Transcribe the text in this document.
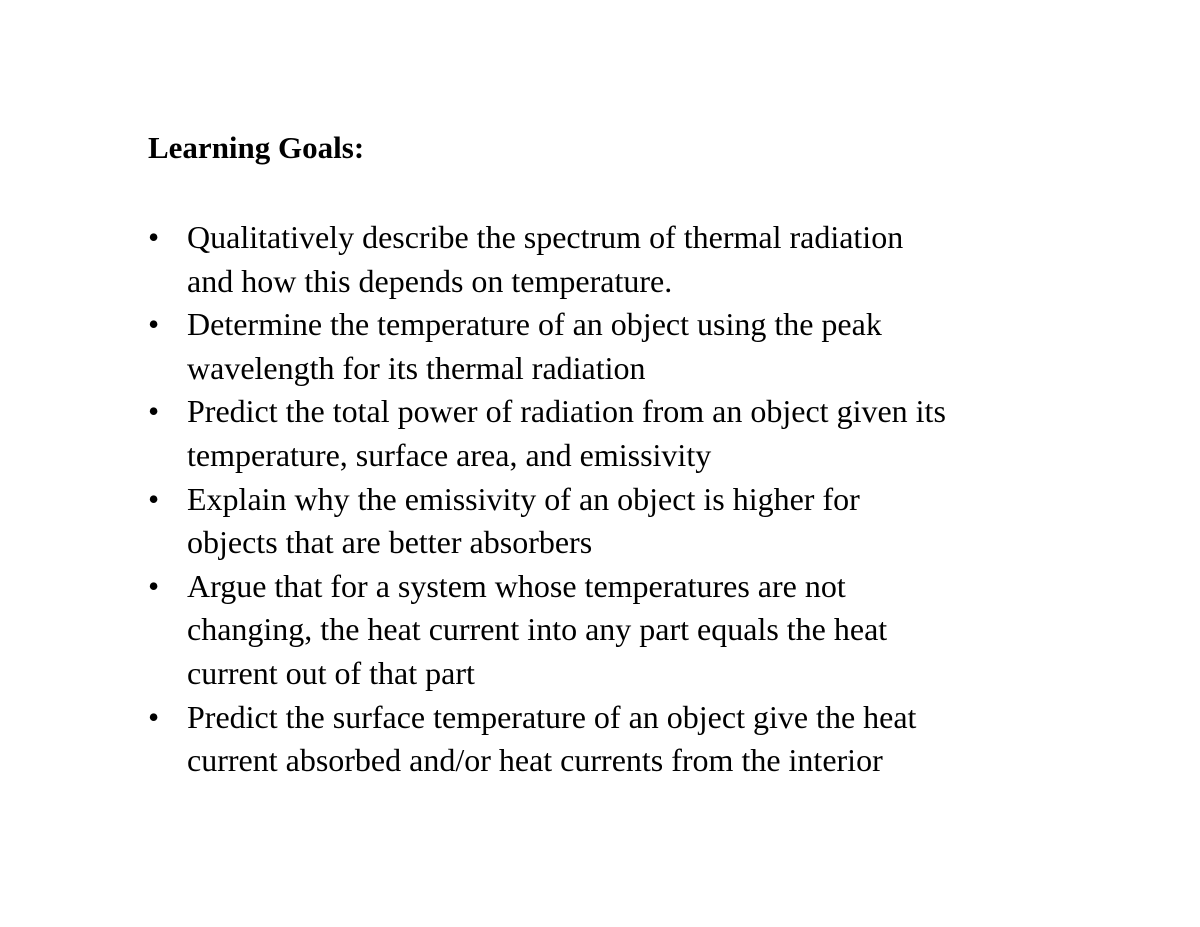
Learning Goals:
• Qualitatively describe the spectrum of thermal radiation
and how this depends on temperature.
• Determine the temperature of an object using the peak
wavelength for its thermal radiation
• Predict the total power of radiation from an object given its
temperature, surface area, and emissivity
• Explain why the emissivity of an object is higher for
objects that are better absorbers
• Argue that for a system whose temperatures are not
changing, the heat current into any part equals the heat
current out of that part
• Predict the surface temperature of an object give the heat
current absorbed and/or heat currents from the interior
